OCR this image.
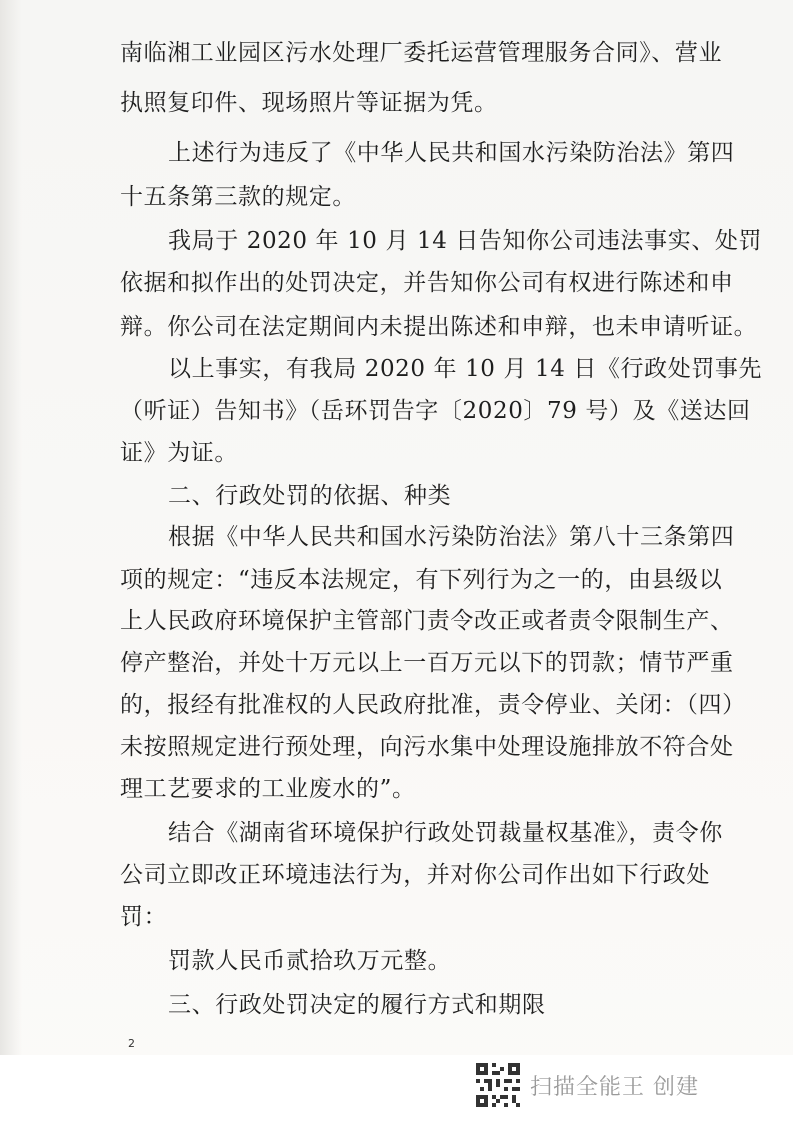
南临湘工业园区污水处理厂委托运营管理服务合同》、营业
执照复印件、现场照片等证据为凭。
上述行为违反了《中华人民共和国水污染防治法》第四
十五条第三款的规定。
我局于 2020 年 10 月 14 日告知你公司违法事实、处罚
依据和拟作出的处罚决定，并告知你公司有权进行陈述和申
辩。你公司在法定期间内未提出陈述和申辩，也未申请听证。
以上事实，有我局 2020 年 10 月 14 日《行政处罚事先
（听证）告知书》（岳环罚告字〔2020〕79 号）及《送达回
证》为证。
二、行政处罚的依据、种类
根据《中华人民共和国水污染防治法》第八十三条第四
项的规定：“违反本法规定，有下列行为之一的，由县级以
上人民政府环境保护主管部门责令改正或者责令限制生产、
停产整治，并处十万元以上一百万元以下的罚款；情节严重
的，报经有批准权的人民政府批准，责令停业、关闭：（四）
未按照规定进行预处理，向污水集中处理设施排放不符合处
理工艺要求的工业废水的”。
结合《湖南省环境保护行政处罚裁量权基准》，责令你
公司立即改正环境违法行为，并对你公司作出如下行政处
罚：
罚款人民币贰拾玖万元整。
三、行政处罚决定的履行方式和期限
2
扫描全能王 创建
